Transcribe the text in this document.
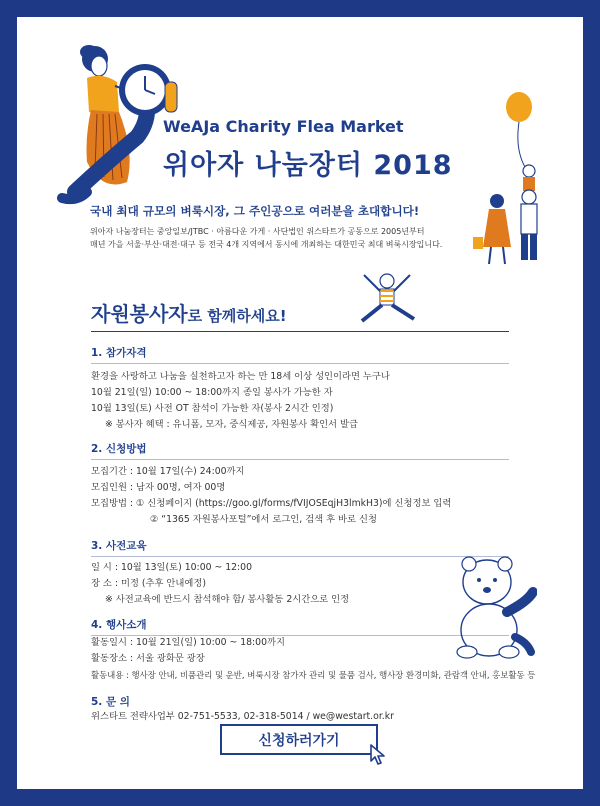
WeAJa Charity Flea Market
위아자 나눔장터 2018
국내 최대 규모의 벼룩시장, 그 주인공으로 여러분을 초대합니다!
위아자 나눔장터는 중앙일보/JTBC · 아름다운 가게 · 사단법인 위스타트가 공동으로 2005년부터
매년 가을 서울·부산·대전·대구 등 전국 4개 지역에서 동시에 개최하는 대한민국 최대 벼룩시장입니다.
자원봉사자로 함께하세요!
1. 참가자격
환경을 사랑하고 나눔을 실천하고자 하는 만 18세 이상 성인이라면 누구나
10월 21일(일) 10:00 ~ 18:00까지 종일 봉사가 가능한 자
10월 13일(토) 사전 OT 참석이 가능한 자(봉사 2시간 인정)
※ 봉사자 혜택 : 유니폼, 모자, 중식제공, 자원봉사 확인서 발급
2. 신청방법
모집기간 : 10월 17일(수) 24:00까지
모집인원 : 남자 00명, 여자 00명
모집방법 : ① 신청페이지 (https://goo.gl/forms/fVIJOSEqjH3lmkH3)에 신청정보 입력
② “1365 자원봉사포털”에서 로그인, 검색 후 바로 신청
3. 사전교육
일 시 : 10월 13일(토) 10:00 ~ 12:00
장 소 : 미정 (추후 안내예정)
※ 사전교육에 반드시 참석해야 함/ 봉사활동 2시간으로 인정
4. 행사소개
활동일시 : 10월 21일(일) 10:00 ~ 18:00까지
활동장소 : 서울 광화문 광장
활동내용 : 행사장 안내, 비품관리 및 운반, 벼룩시장 참가자 관리 및 물품 검사, 행사장 환경미화, 관람객 안내, 홍보활동 등
5. 문 의
위스타트 전략사업부 02-751-5533, 02-318-5014 / we@westart.or.kr
신청하러가기
